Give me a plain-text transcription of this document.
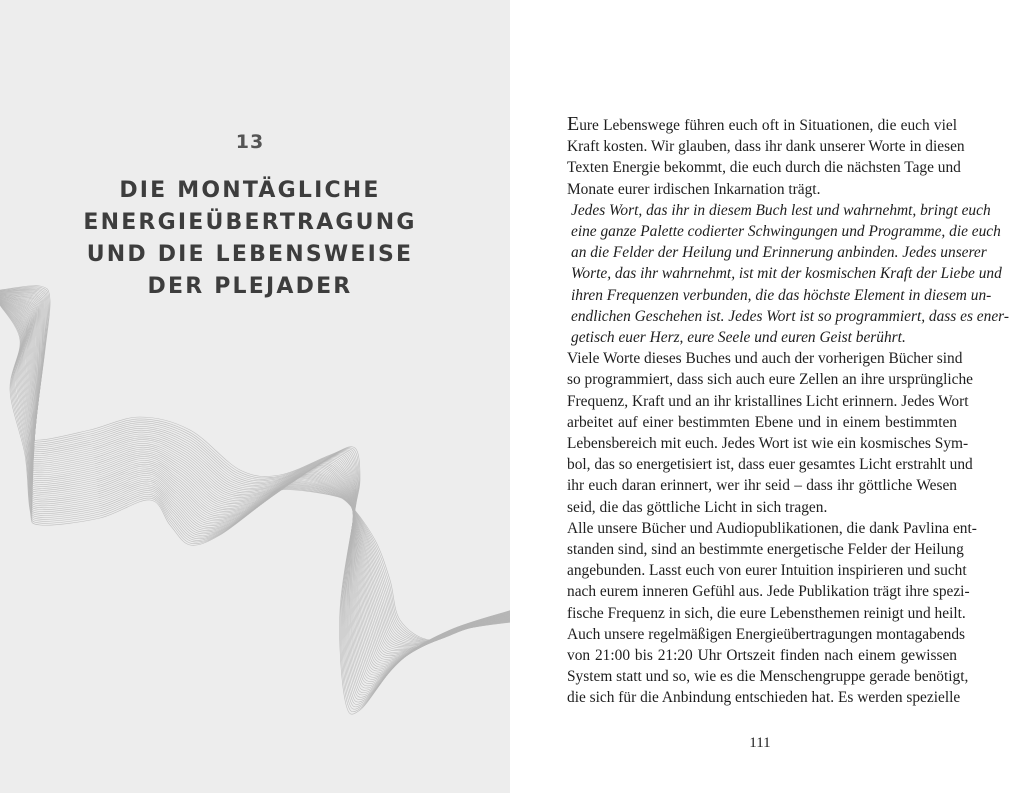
13
DIE MONTÄGLICHE
ENERGIEÜBERTRAGUNG
UND DIE LEBENSWEISE
DER PLEJADER

Eure Lebenswege führen euch oft in Situationen, die euch viel
Kraft kosten. Wir glauben, dass ihr dank unserer Worte in diesen
Texten Energie bekommt, die euch durch die nächsten Tage und
Monate eurer irdischen Inkarnation trägt.

Jedes Wort, das ihr in diesem Buch lest und wahrnehmt, bringt euch
eine ganze Palette codierter Schwingungen und Programme, die euch
an die Felder der Heilung und Erinnerung anbinden. Jedes unserer
Worte, das ihr wahrnehmt, ist mit der kosmischen Kraft der Liebe und
ihren Frequenzen verbunden, die das höchste Element in diesem un-
endlichen Geschehen ist. Jedes Wort ist so programmiert, dass es ener-
getisch euer Herz, eure Seele und euren Geist berührt.

Viele Worte dieses Buches und auch der vorherigen Bücher sind
so programmiert, dass sich auch eure Zellen an ihre ursprüngliche
Frequenz, Kraft und an ihr kristallines Licht erinnern. Jedes Wort
arbeitet auf einer bestimmten Ebene und in einem bestimmten
Lebensbereich mit euch. Jedes Wort ist wie ein kosmisches Sym-
bol, das so energetisiert ist, dass euer gesamtes Licht erstrahlt und
ihr euch daran erinnert, wer ihr seid – dass ihr göttliche Wesen
seid, die das göttliche Licht in sich tragen.

Alle unsere Bücher und Audiopublikationen, die dank Pavlina ent-
standen sind, sind an bestimmte energetische Felder der Heilung
angebunden. Lasst euch von eurer Intuition inspirieren und sucht
nach eurem inneren Gefühl aus. Jede Publikation trägt ihre spezi-
fische Frequenz in sich, die eure Lebensthemen reinigt und heilt.

Auch unsere regelmäßigen Energieübertragungen montagabends
von 21:00 bis 21:20 Uhr Ortszeit finden nach einem gewissen
System statt und so, wie es die Menschengruppe gerade benötigt,
die sich für die Anbindung entschieden hat. Es werden spezielle

111
